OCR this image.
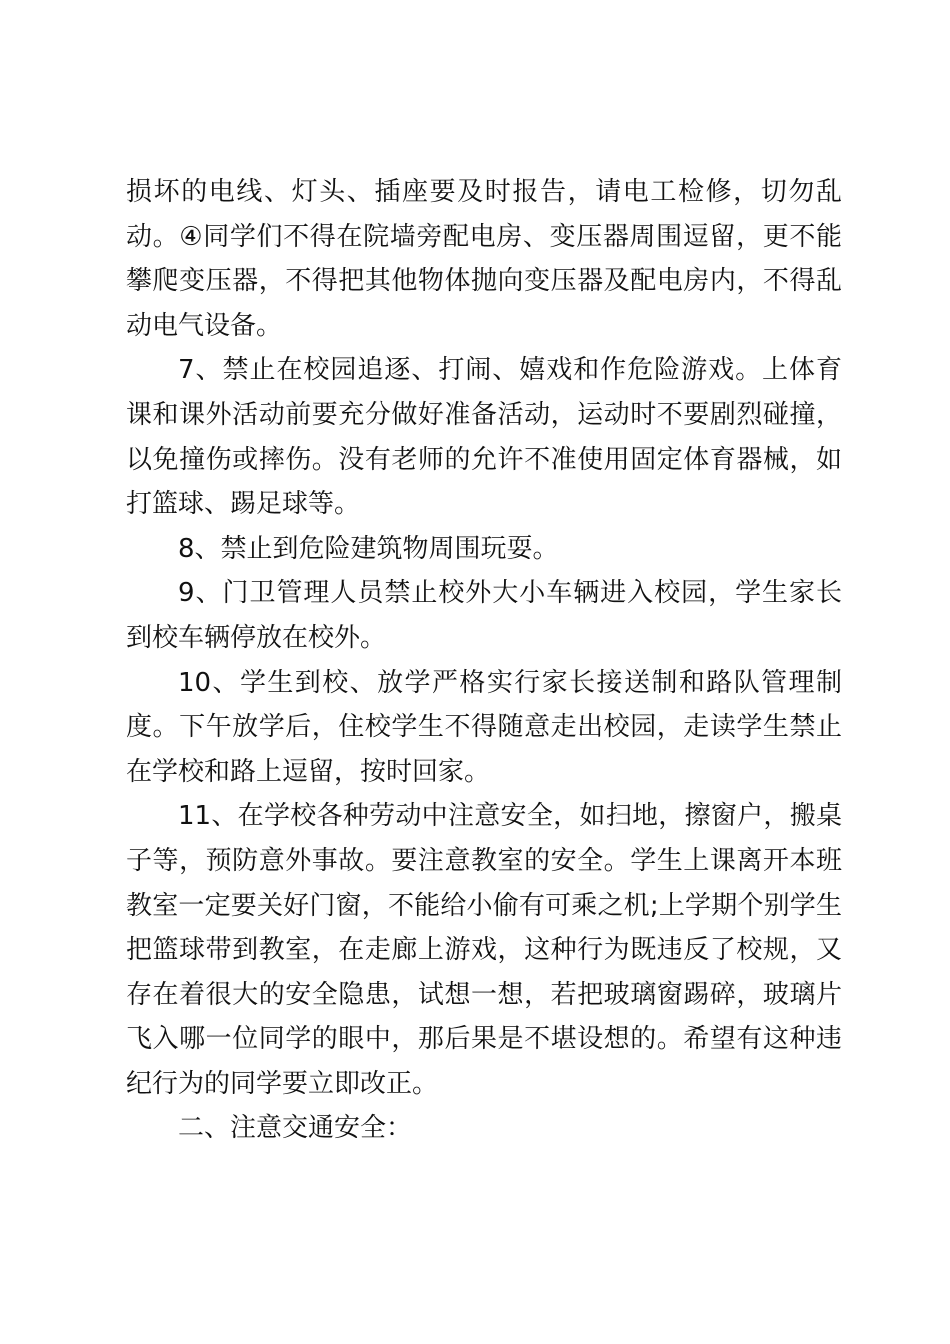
损坏的电线、灯头、插座要及时报告，请电工检修，切勿乱动。④同学们不得在院墙旁配电房、变压器周围逗留，更不能攀爬变压器，不得把其他物体抛向变压器及配电房内，不得乱动电气设备。

7、禁止在校园追逐、打闹、嬉戏和作危险游戏。上体育课和课外活动前要充分做好准备活动，运动时不要剧烈碰撞，以免撞伤或摔伤。没有老师的允许不准使用固定体育器械，如打篮球、踢足球等。

8、禁止到危险建筑物周围玩耍。

9、门卫管理人员禁止校外大小车辆进入校园，学生家长到校车辆停放在校外。

10、学生到校、放学严格实行家长接送制和路队管理制度。下午放学后，住校学生不得随意走出校园，走读学生禁止在学校和路上逗留，按时回家。

11、在学校各种劳动中注意安全，如扫地，擦窗户，搬桌子等，预防意外事故。要注意教室的安全。学生上课离开本班教室一定要关好门窗，不能给小偷有可乘之机;上学期个别学生把篮球带到教室，在走廊上游戏，这种行为既违反了校规，又存在着很大的安全隐患，试想一想，若把玻璃窗踢碎，玻璃片飞入哪一位同学的眼中，那后果是不堪设想的。希望有这种违纪行为的同学要立即改正。

二、注意交通安全：
